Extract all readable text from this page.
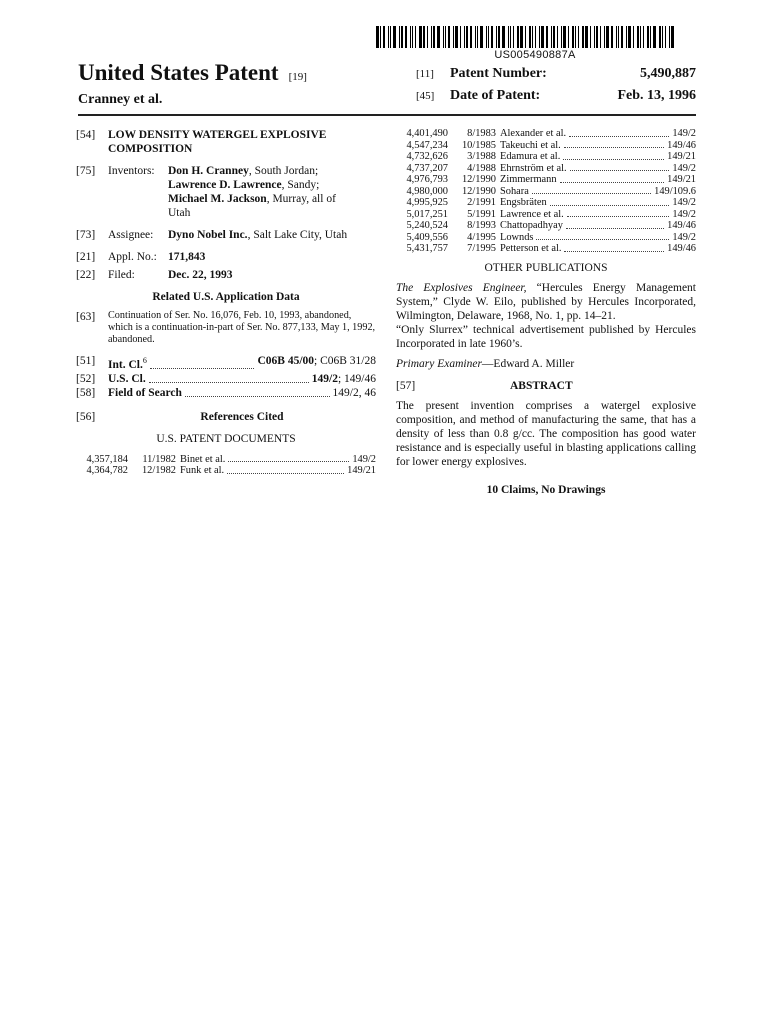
US005490887A
United States Patent [19]
Cranney et al.
[11]	Patent Number:	5,490,887
[45]	Date of Patent:	Feb. 13, 1996
[54]	LOW DENSITY WATERGEL EXPLOSIVE
COMPOSITION
[75]	Inventors: Don H. Cranney, South Jordan;
Lawrence D. Lawrence, Sandy;
Michael M. Jackson, Murray, all of
Utah
[73]	Assignee: Dyno Nobel Inc., Salt Lake City, Utah
[21]	Appl. No.: 171,843
[22]	Filed:	Dec. 22, 1993
Related U.S. Application Data
[63]	Continuation of Ser. No. 16,076, Feb. 10, 1993, abandoned, which is a continuation-in-part of Ser. No. 877,133, May 1, 1992, abandoned.
[51]	Int. Cl.$^6$	C06B 45/00; C06B 31/28
[52]	U.S. Cl.	149/2; 149/46
[58]	Field of Search	149/2, 46
[56]	References Cited
U.S. PATENT DOCUMENTS
4,357,184	11/1982 Binet et al.	149/2
4,364,782	12/1982 Funk et al.	149/21
4,401,490	8/1983 Alexander et al.	149/2
4,547,234	10/1985 Takeuchi et al.	149/46
4,732,626	3/1988 Edamura et al.	149/21
4,737,207	4/1988 Ehrnström et al.	149/2
4,976,793	12/1990 Zimmermann	149/21
4,980,000	12/1990 Sohara	149/109.6
4,995,925	2/1991 Engsbräten	149/2
5,017,251	5/1991 Lawrence et al.	149/2
5,240,524	8/1993 Chattopadhyay	149/46
5,409,556	4/1995 Lownds	149/2
5,431,757	7/1995 Petterson et al.	149/46
OTHER PUBLICATIONS
The Explosives Engineer, “Hercules Energy Management System,” Clyde W. Eilo, published by Hercules Incorporated, Wilmington, Delaware, 1968, No. 1, pp. 14–21.
“Only Slurrex” technical advertisement published by Hercules Incorporated in late 1960’s.
Primary Examiner—Edward A. Miller
[57]	ABSTRACT
The present invention comprises a watergel explosive composition, and method of manufacturing the same, that has a density of less than 0.8 g/cc. The composition has good water resistance and is especially useful in blasting applications calling for lower energy explosives.
10 Claims, No Drawings
